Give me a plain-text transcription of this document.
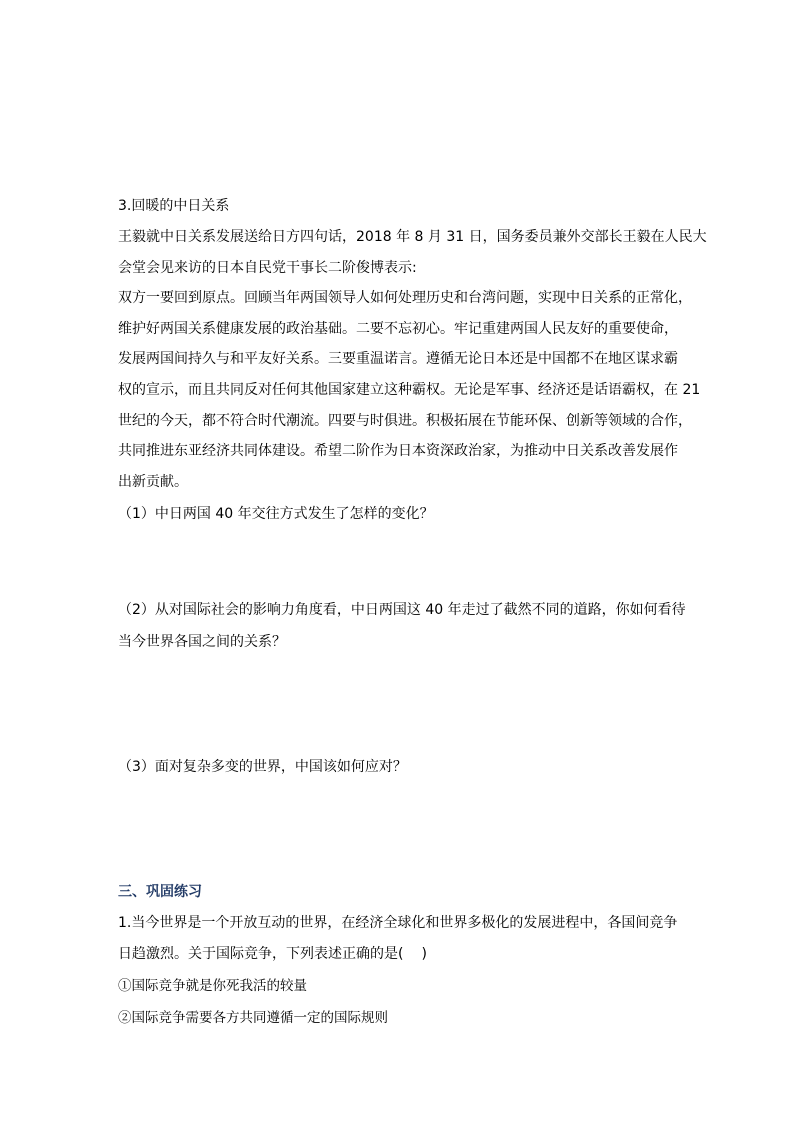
3.回暖的中日关系
王毅就中日关系发展送给日方四句话，2018 年 8 月 31 日，国务委员兼外交部长王毅在人民大
会堂会见来访的日本自民党干事长二阶俊博表示:
双方一要回到原点。回顾当年两国领导人如何处理历史和台湾问题，实现中日关系的正常化，
维护好两国关系健康发展的政治基础。二要不忘初心。牢记重建两国人民友好的重要使命，
发展两国间持久与和平友好关系。三要重温诺言。遵循无论日本还是中国都不在地区谋求霸
权的宣示，而且共同反对任何其他国家建立这种霸权。无论是军事、经济还是话语霸权，在 21
世纪的今天，都不符合时代潮流。四要与时俱进。积极拓展在节能环保、创新等领域的合作，
共同推进东亚经济共同体建设。希望二阶作为日本资深政治家，为推动中日关系改善发展作
出新贡献。
（1）中日两国 40 年交往方式发生了怎样的变化？
（2）从对国际社会的影响力角度看，中日两国这 40 年走过了截然不同的道路，你如何看待
当今世界各国之间的关系？
（3）面对复杂多变的世界，中国该如何应对？
三、巩固练习
1.当今世界是一个开放互动的世界，在经济全球化和世界多极化的发展进程中，各国间竞争
日趋激烈。关于国际竞争，下列表述正确的是( )
①国际竞争就是你死我活的较量
②国际竞争需要各方共同遵循一定的国际规则
